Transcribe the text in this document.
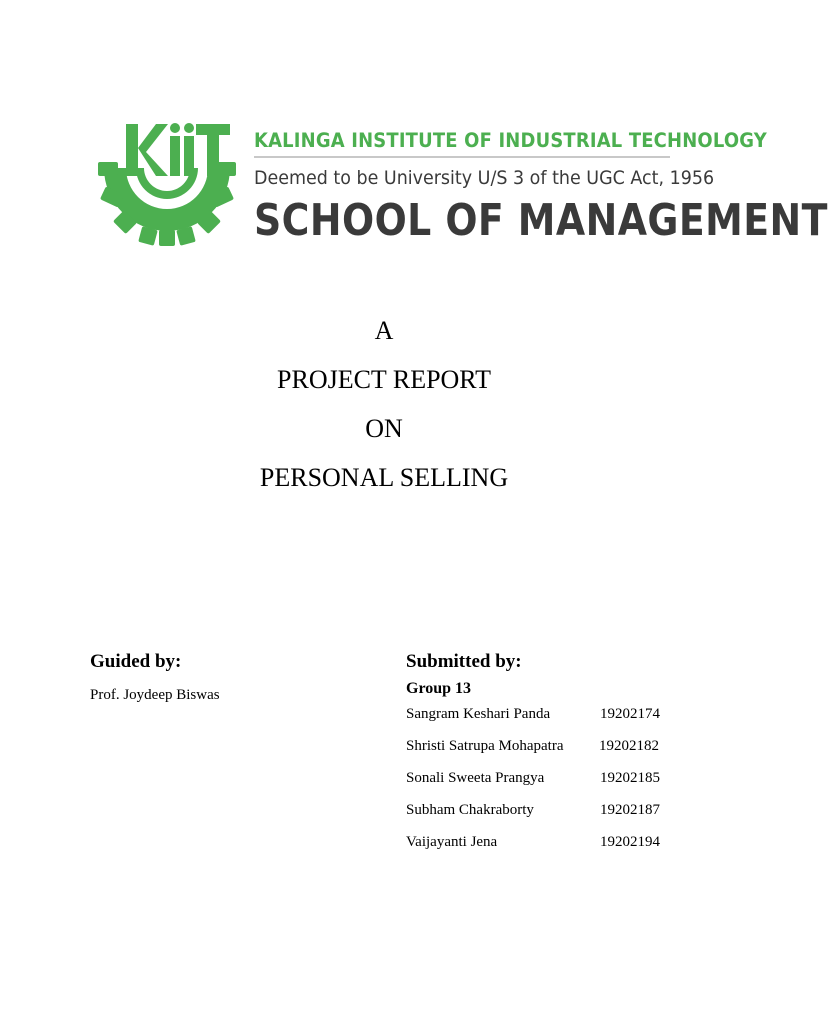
KALINGA INSTITUTE OF INDUSTRIAL TECHNOLOGY
Deemed to be University U/S 3 of the UGC Act, 1956
SCHOOL OF MANAGEMENT
A
PROJECT REPORT
ON
PERSONAL SELLING
Guided by:
Prof. Joydeep Biswas
Submitted by:
Group 13
Sangram Keshari Panda	19202174
Shristi Satrupa Mohapatra 19202182
Sonali Sweeta Prangya	19202185
Subham Chakraborty	19202187
Vaijayanti Jena	19202194
